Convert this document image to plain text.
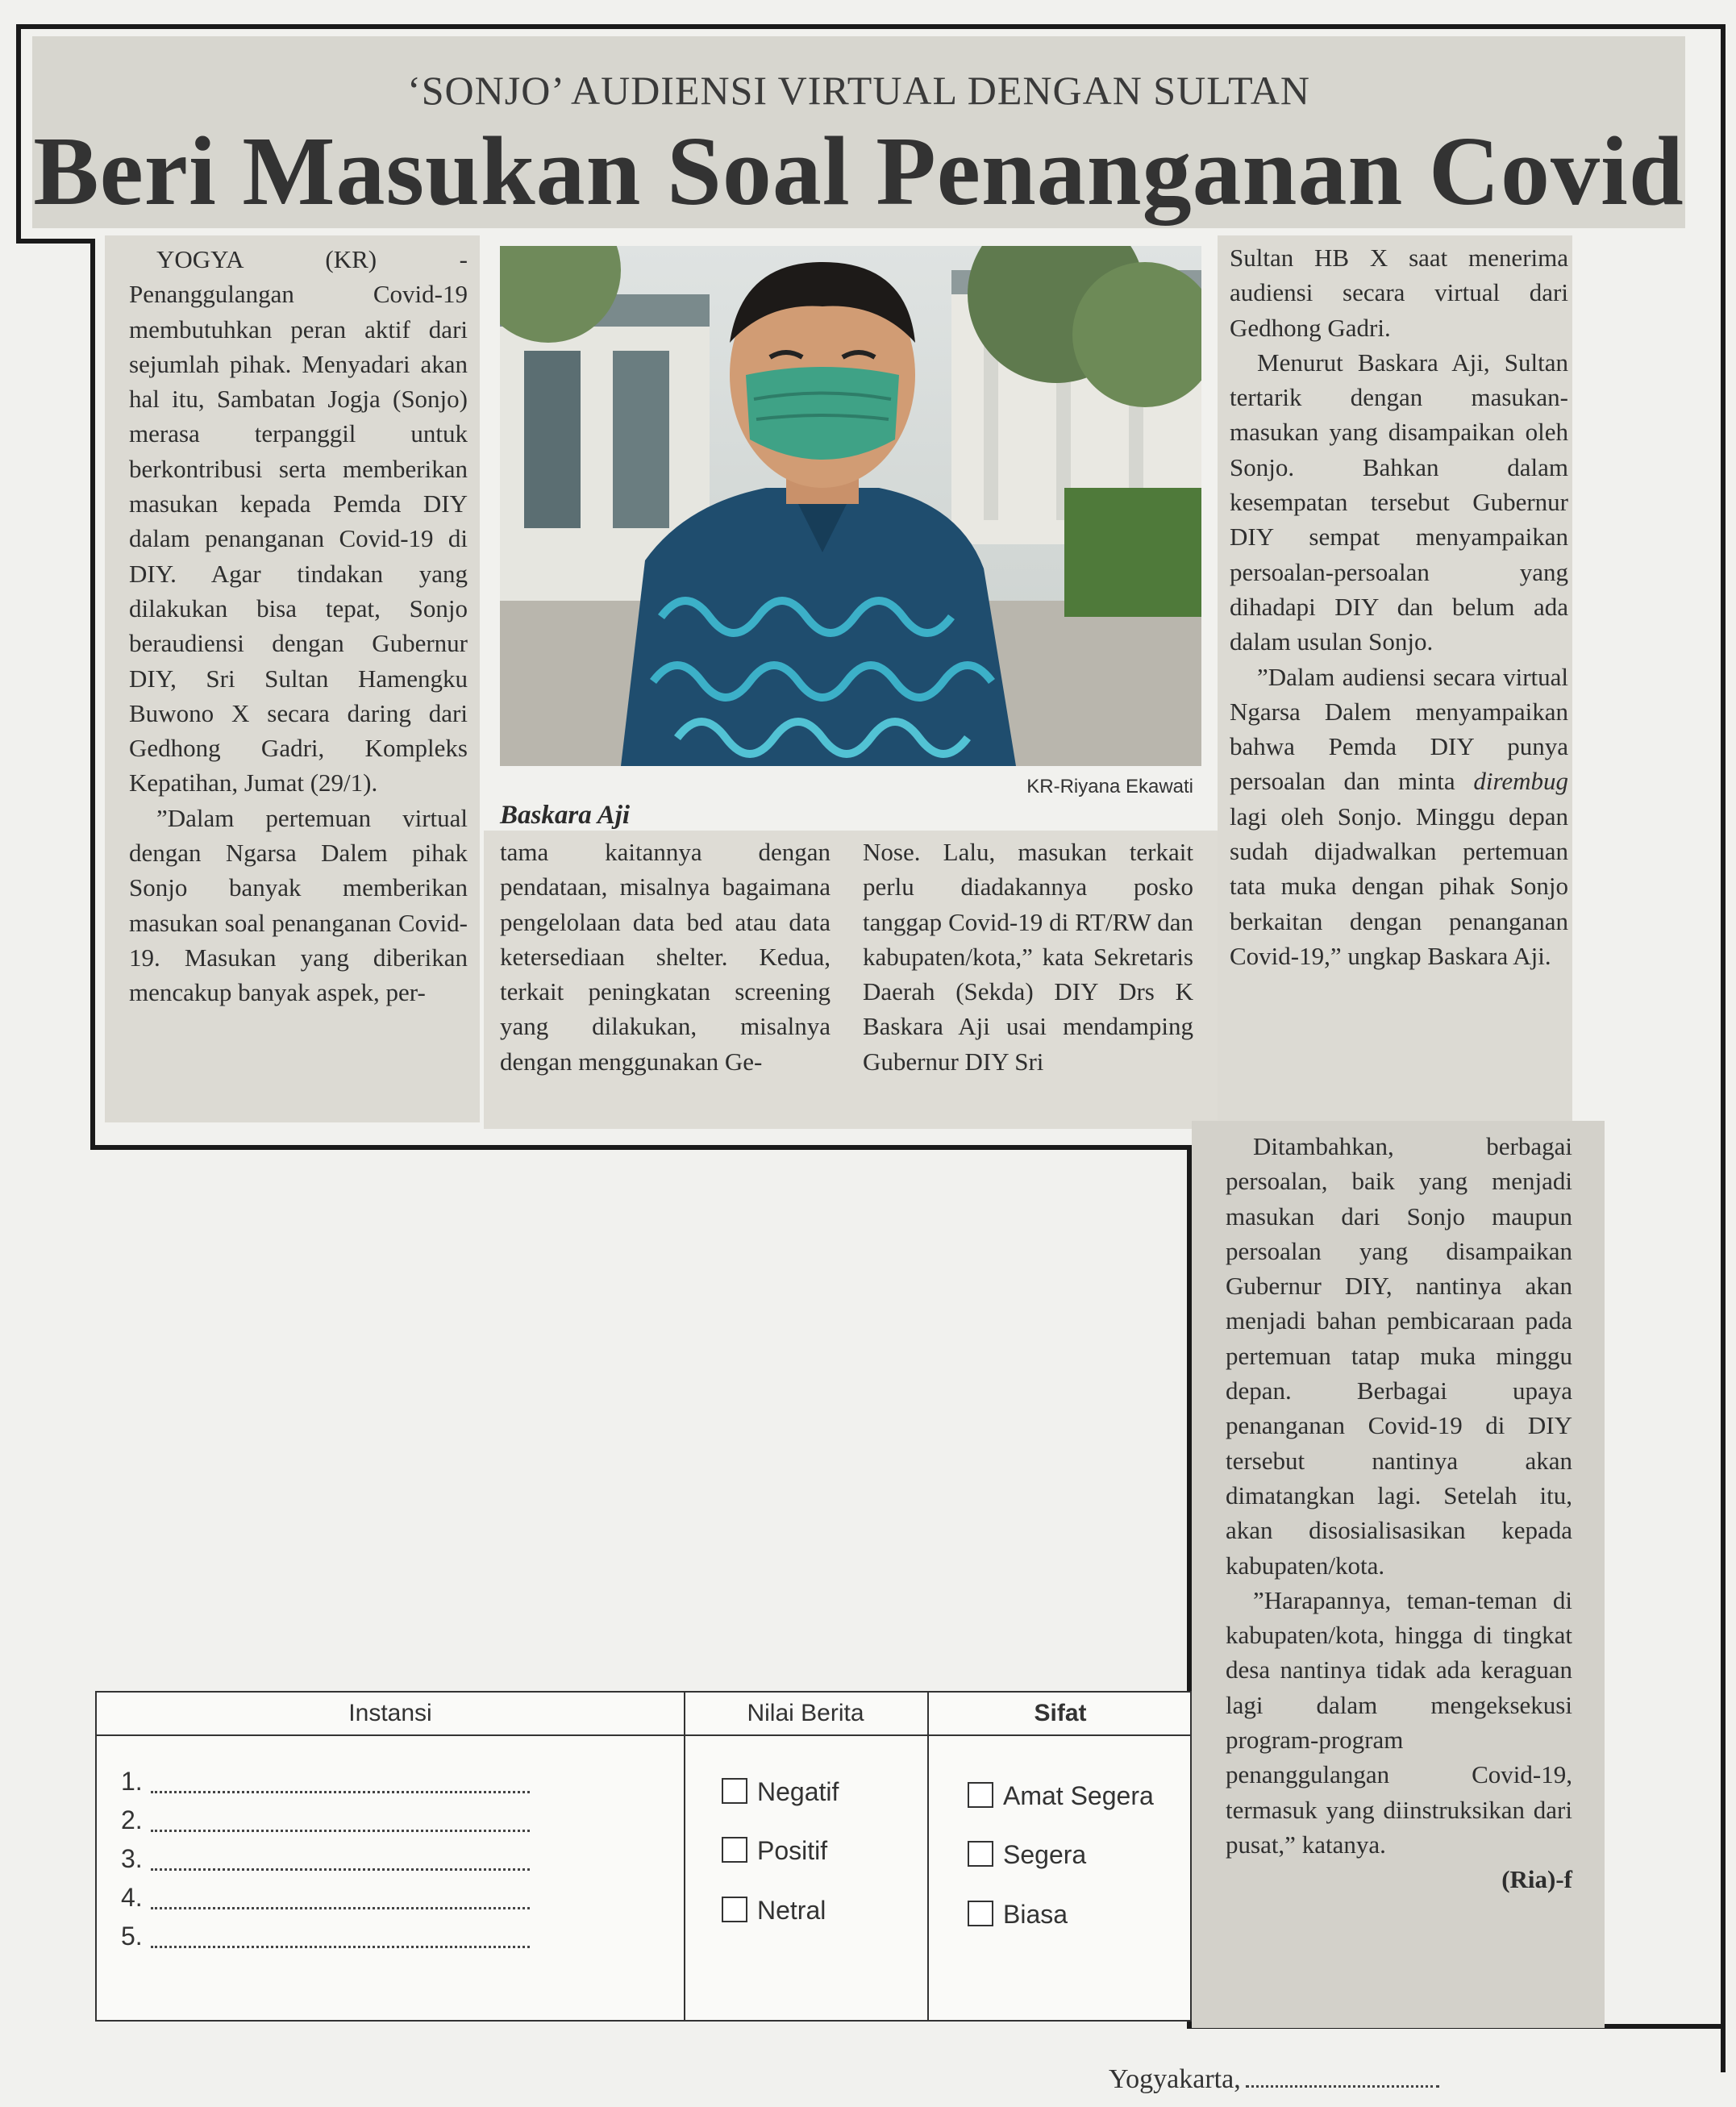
‘SONJO’ AUDIENSI VIRTUAL DENGAN SULTAN
Beri Masukan Soal Penanganan Covid

YOGYA (KR) - Penanggulangan Covid-19 membutuhkan peran aktif dari sejumlah pihak. Menyadari akan hal itu, Sambatan Jogja (Sonjo) merasa terpanggil untuk berkontribusi serta memberikan masukan kepada Pemda DIY dalam penanganan Covid-19 di DIY. Agar tindakan yang dilakukan bisa tepat, Sonjo beraudiensi dengan Gubernur DIY, Sri Sultan Hamengku Buwono X secara daring dari Gedhong Gadri, Kompleks Kepatihan, Jumat (29/1).

”Dalam pertemuan virtual dengan Ngarsa Dalem pihak Sonjo banyak memberikan masukan soal penanganan Covid-19. Masukan yang diberikan mencakup banyak aspek, per-

KR-Riyana Ekawati
Baskara Aji

tama kaitannya dengan pendataan, misalnya bagaimana pengelolaan data bed atau data ketersediaan shelter. Kedua, terkait peningkatan screening yang dilakukan, misalnya dengan menggunakan Ge-

Nose. Lalu, masukan terkait perlu diadakannya posko tanggap Covid-19 di RT/RW dan kabupaten/kota,” kata Sekretaris Daerah (Sekda) DIY Drs K Baskara Aji usai mendamping Gubernur DIY Sri

Sultan HB X saat menerima audiensi secara virtual dari Gedhong Gadri.

Menurut Baskara Aji, Sultan tertarik dengan masukan-masukan yang disampaikan oleh Sonjo. Bahkan dalam kesempatan tersebut Gubernur DIY sempat menyampaikan persoalan-persoalan yang dihadapi DIY dan belum ada dalam usulan Sonjo.

”Dalam audiensi secara virtual Ngarsa Dalem menyampaikan bahwa Pemda DIY punya persoalan dan minta dirembug lagi oleh Sonjo. Minggu depan sudah dijadwalkan pertemuan tata muka dengan pihak Sonjo berkaitan dengan penanganan Covid-19,” ungkap Baskara Aji.

Ditambahkan, berbagai persoalan, baik yang menjadi masukan dari Sonjo maupun persoalan yang disampaikan Gubernur DIY, nantinya akan menjadi bahan pembicaraan pada pertemuan tatap muka minggu depan. Berbagai upaya penanganan Covid-19 di DIY tersebut nantinya akan dimatangkan lagi. Setelah itu, akan disosialisasikan kepada kabupaten/kota.

”Harapannya, teman-teman di kabupaten/kota, hingga di tingkat desa nantinya tidak ada keraguan lagi dalam mengeksekusi program-program penanggulangan Covid-19, termasuk yang diinstruksikan dari pusat,” katanya.

(Ria)-f

Instansi	Nilai Berita	Sifat
1.
2.
3.
4.
5.
Negatif
Positif
Netral
Amat Segera
Segera
Biasa
Yogyakarta,
